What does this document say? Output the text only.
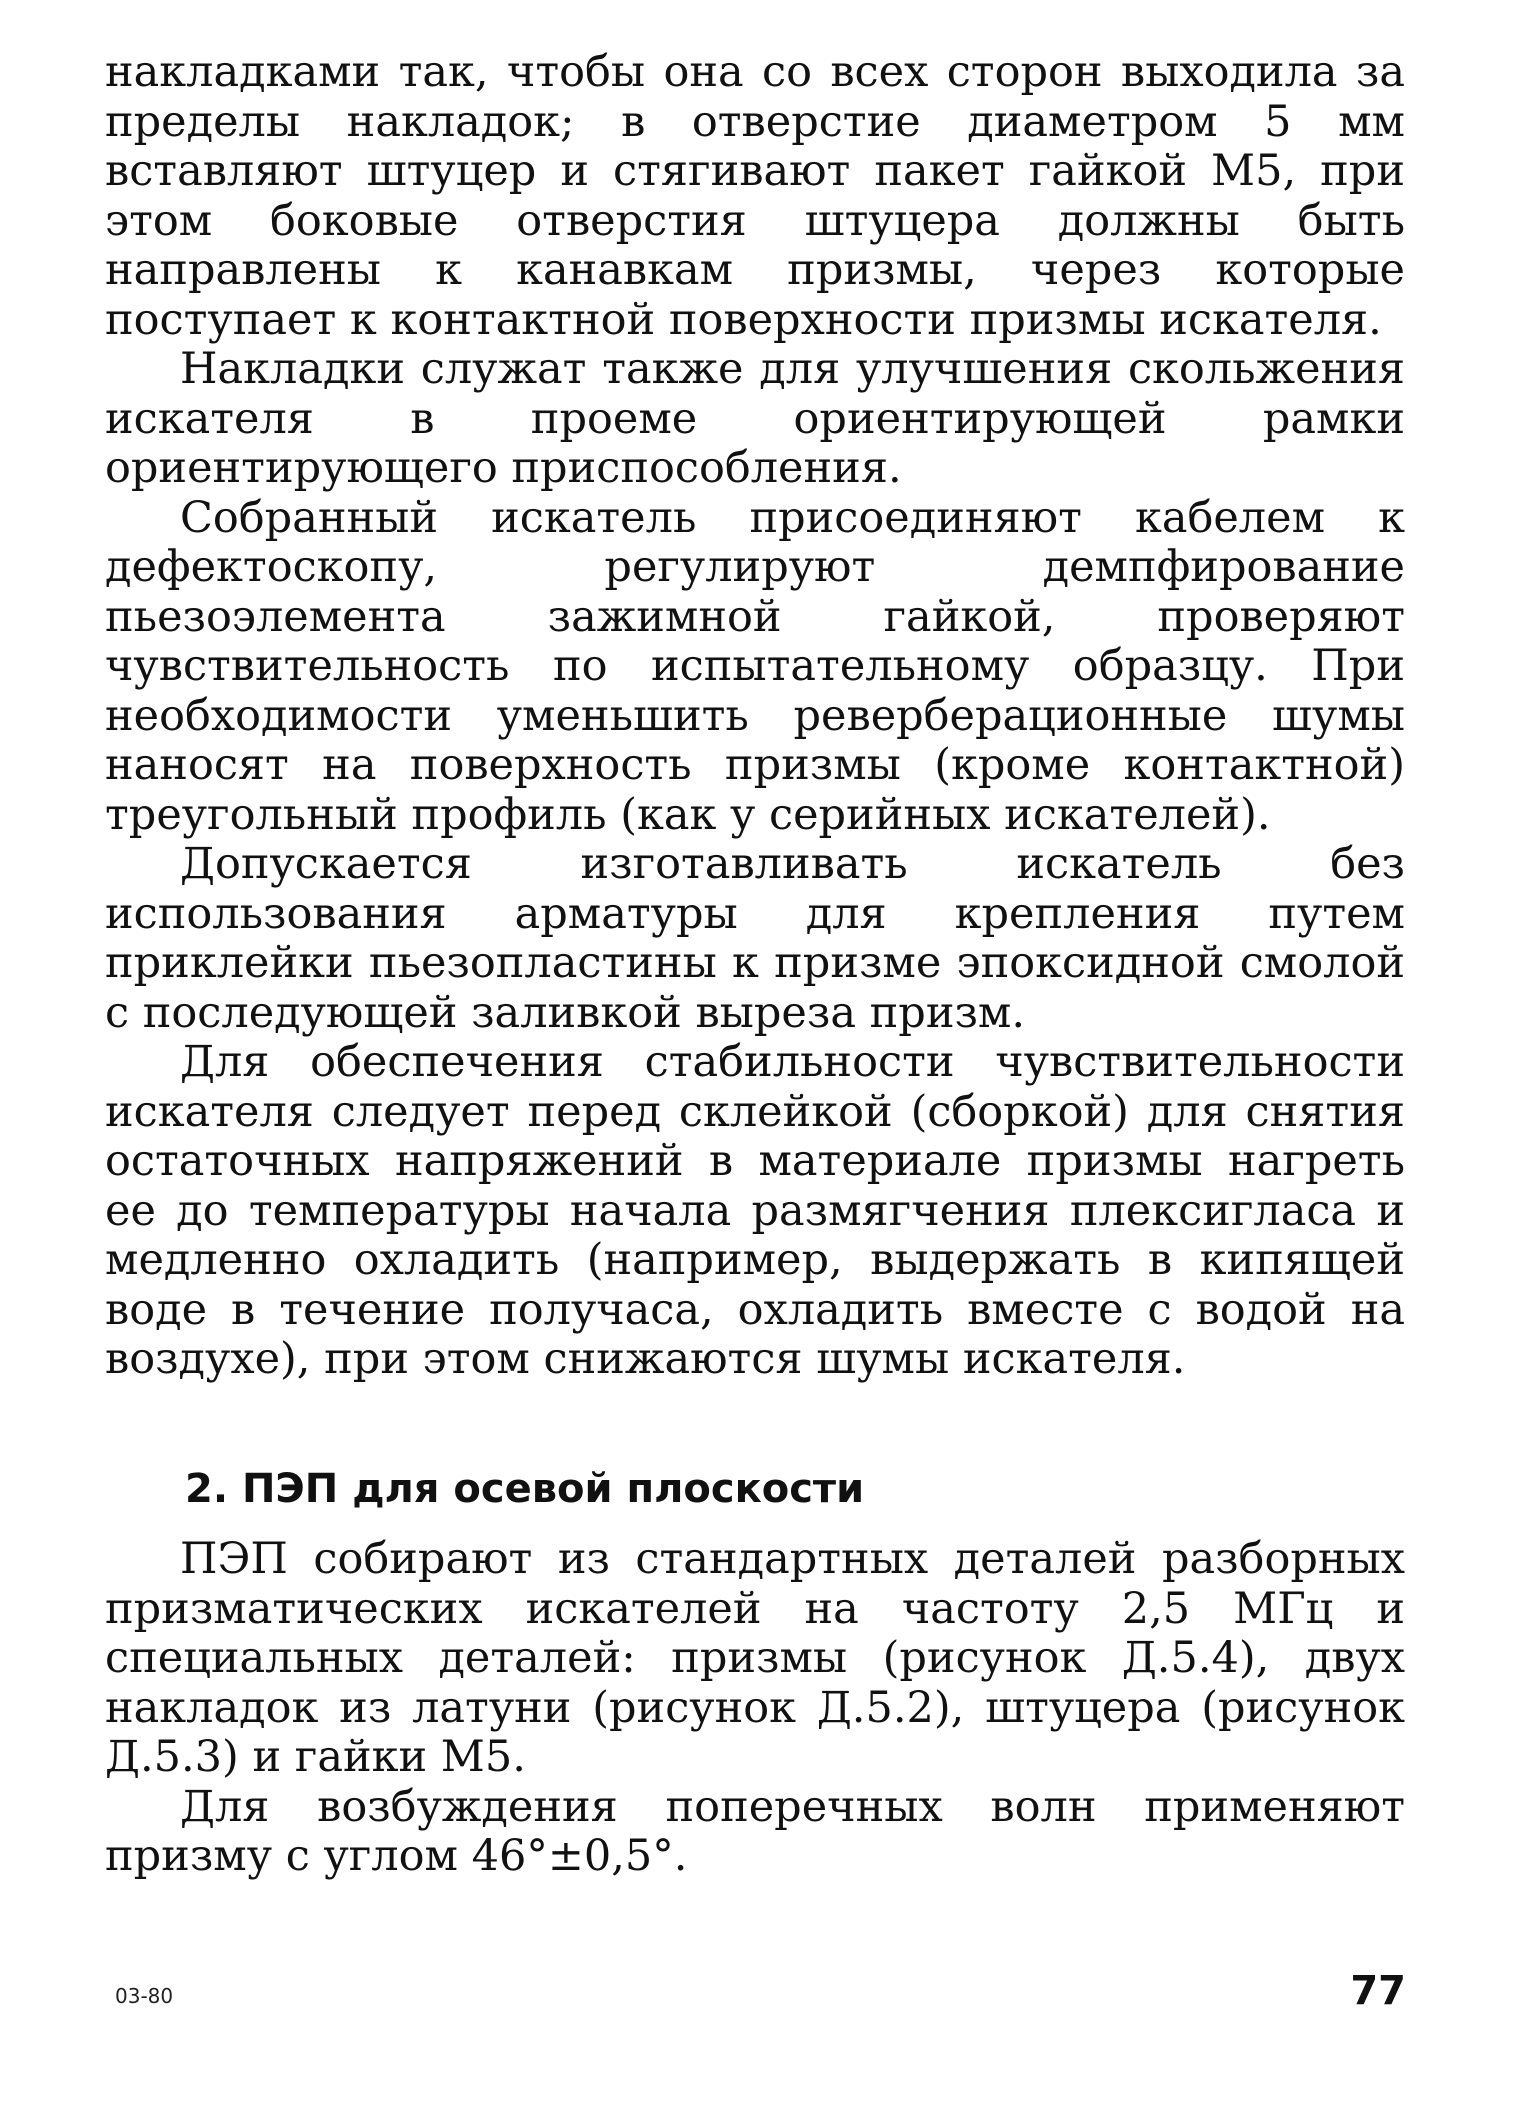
накладками так, чтобы она со всех сторон выходила за пределы накладок; в отверстие диаметром 5 мм вставляют штуцер и стягивают пакет гайкой М5, при этом боковые отверстия штуцера должны быть направлены к канавкам призмы, через которые поступает к контактной поверхности призмы искателя.

Накладки служат также для улучшения скольжения искателя в проеме ориентирующей рамки ориентирующего приспособления.

Собранный искатель присоединяют кабелем к дефектоскопу, регулируют демпфирование пьезоэлемента зажимной гайкой, проверяют чувствительность по испытательному образцу. При необходимости уменьшить реверберационные шумы наносят на поверхность призмы (кроме контактной) треугольный профиль (как у серийных искателей).

Допускается изготавливать искатель без использования арматуры для крепления путем приклейки пьезопластины к призме эпоксидной смолой с последующей заливкой выреза призм.

Для обеспечения стабильности чувствительности искателя следует перед склейкой (сборкой) для снятия остаточных напряжений в материале призмы нагреть ее до температуры начала размягчения плексигласа и медленно охладить (например, выдержать в кипящей воде в течение получаса, охладить вместе с водой на воздухе), при этом снижаются шумы искателя.

2. ПЭП для осевой плоскости

ПЭП собирают из стандартных деталей разборных призматических искателей на частоту 2,5 МГц и специальных деталей: призмы (рисунок Д.5.4), двух накладок из латуни (рисунок Д.5.2), штуцера (рисунок Д.5.3) и гайки М5.

Для возбуждения поперечных волн применяют призму с углом 46°±0,5°.

03-80	77
